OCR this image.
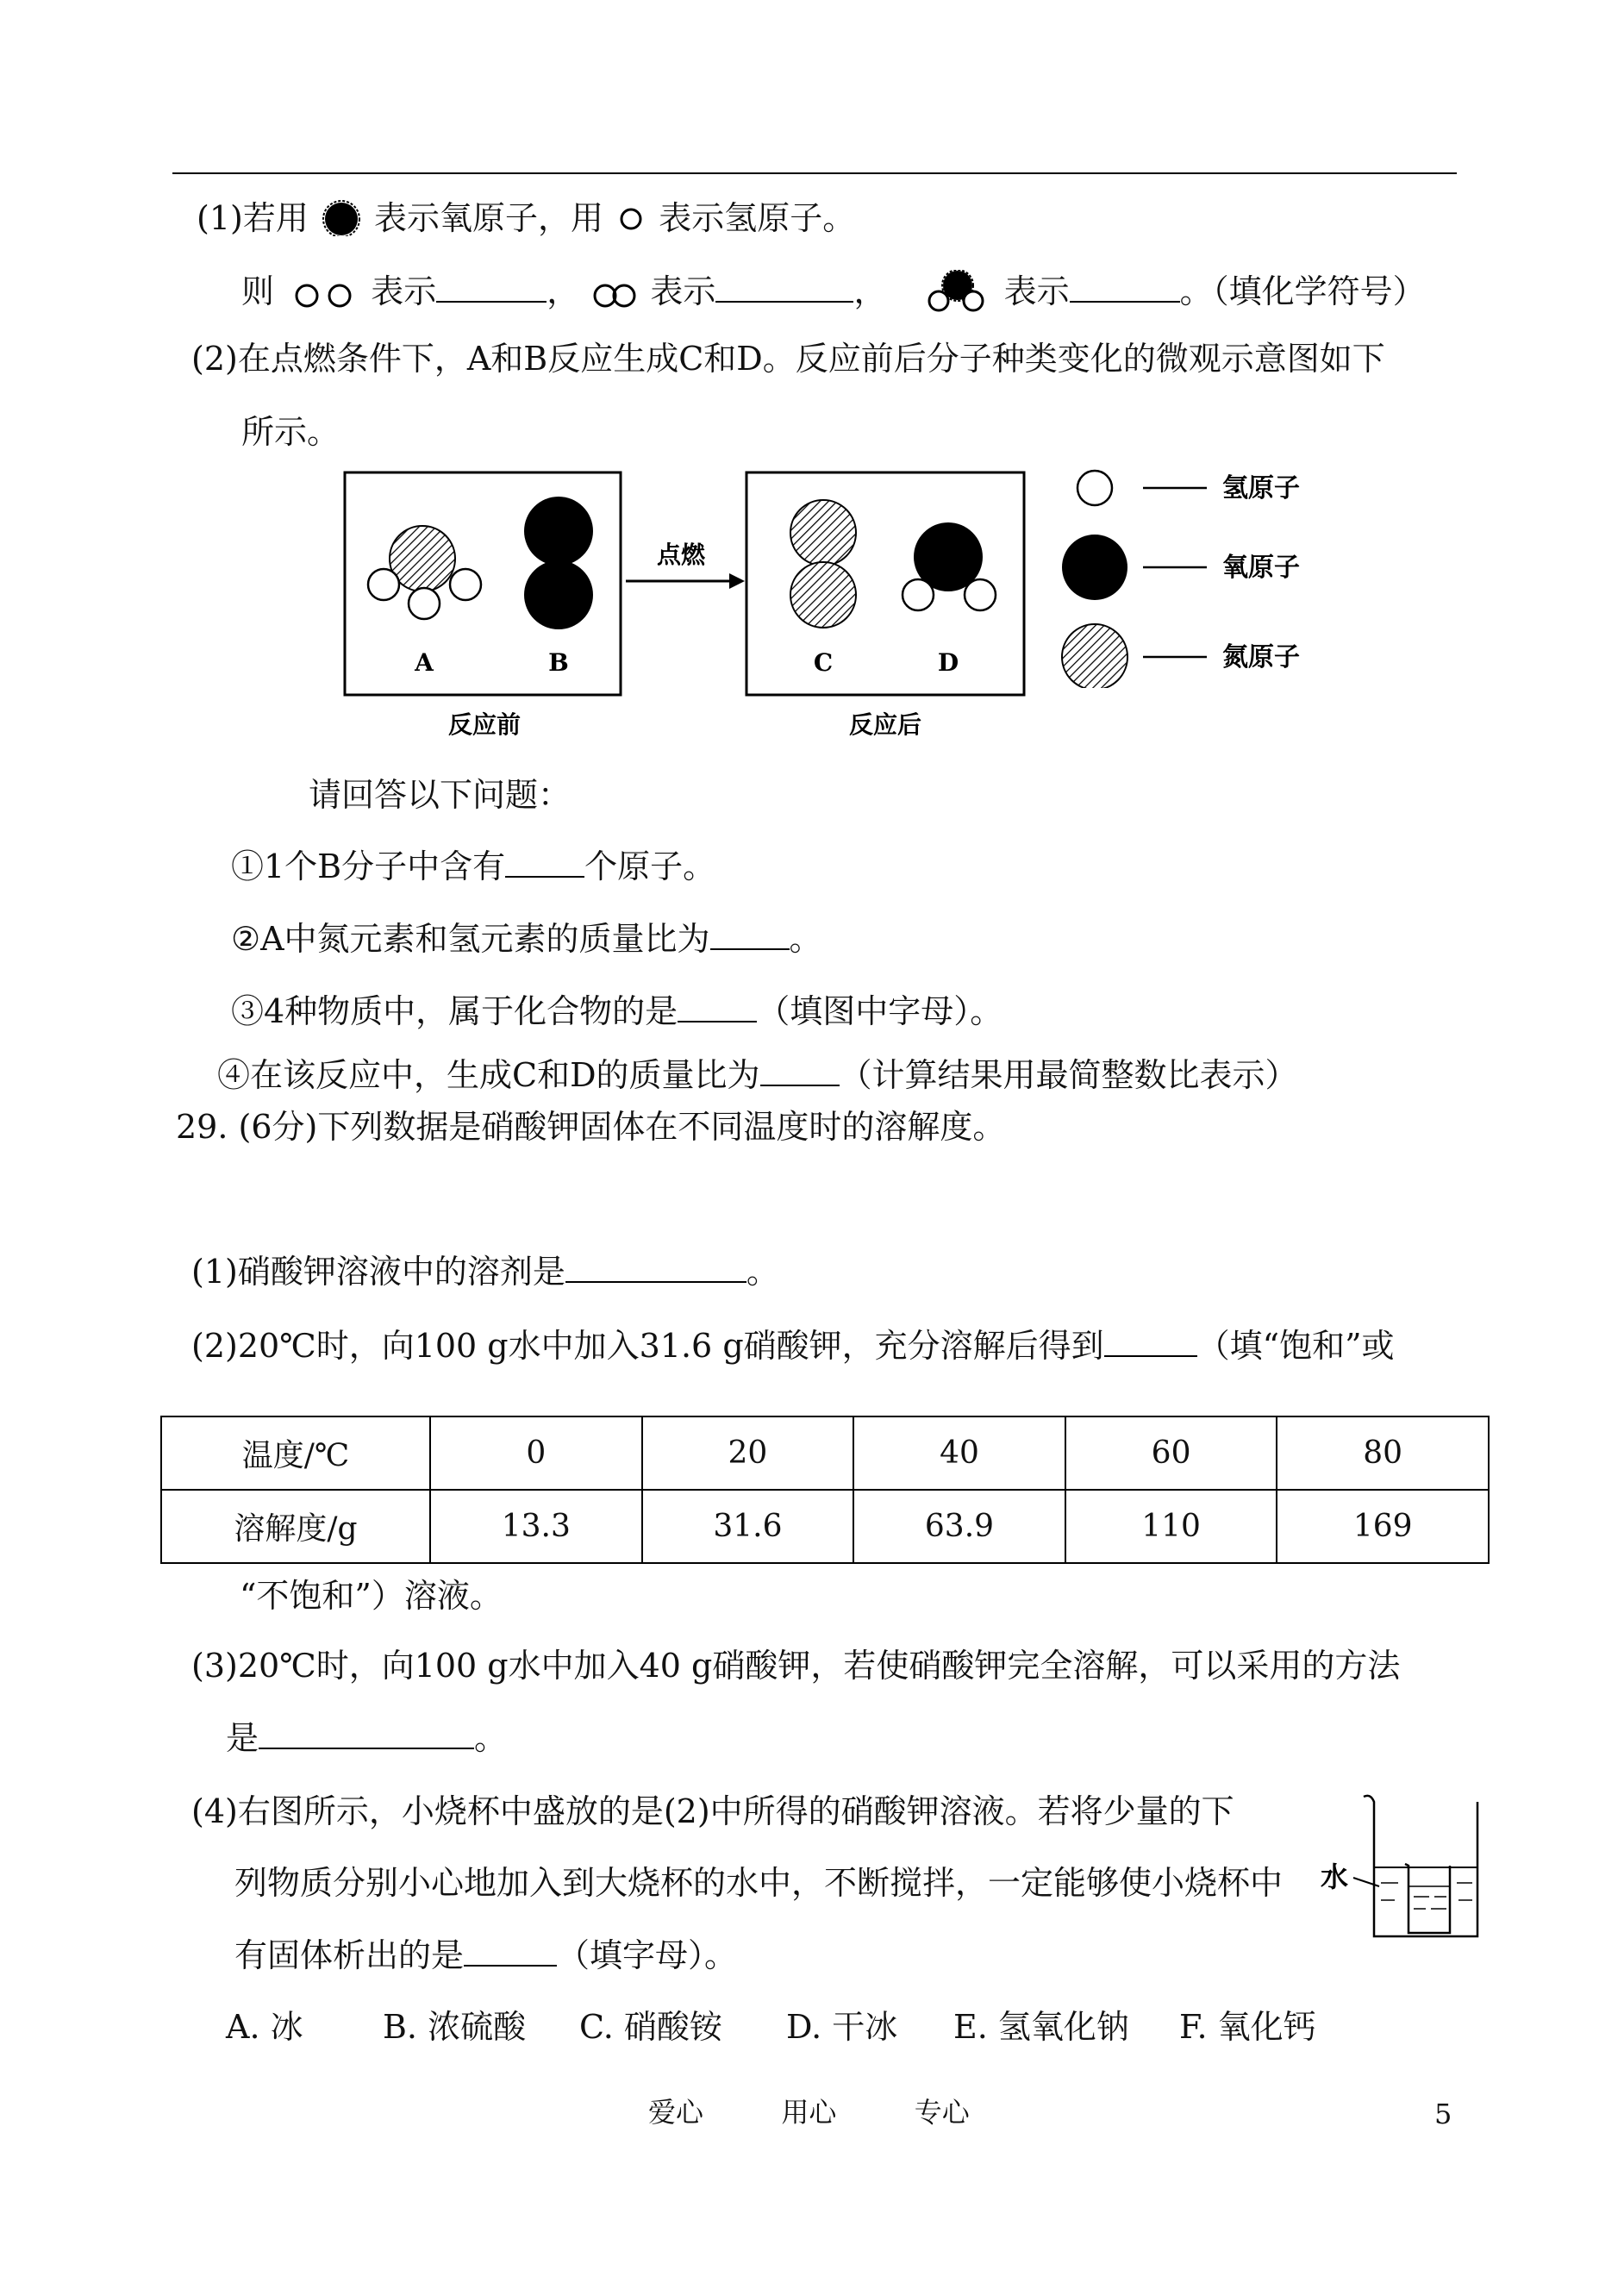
(1)若用 表示氧原子，用 表示氢原子。
则	表示	， 表示	，	表示	。（填化学符号）
(2)在点燃条件下，A和B反应生成C和D。反应前后分子种类变化的微观示意图如下
所示。
A	B
反应前
点燃
C	D
反应后
氢原子
氧原子
氮原子
请回答以下问题：
①1个B分子中含有 个原子。
②A中氮元素和氢元素的质量比为 。
③4种物质中，属于化合物的是 （填图中字母）。
④在该反应中，生成C和D的质量比为 （计算结果用最简整数比表示）
29. (6分)下列数据是硝酸钾固体在不同温度时的溶解度。
(1)硝酸钾溶液中的溶剂是	。
(2)20℃时，向100 g水中加入31.6 g硝酸钾，充分溶解后得到	（填“饱和”或
温度/℃	0	20	40	60	80
溶解度/g	13.3	31.6	63.9	110	169
“不饱和”）溶液。
(3)20℃时，向100 g水中加入40 g硝酸钾，若使硝酸钾完全溶解，可以采用的方法
是	。
(4)右图所示，小烧杯中盛放的是(2)中所得的硝酸钾溶液。若将少量的下
列物质分别小心地加入到大烧杯的水中，不断搅拌，一定能够使小烧杯中
有固体析出的是	（填字母）。
水
A. 冰 B. 浓硫酸 C. 硝酸铵 D. 干冰 E. 氢氧化钠 F. 氧化钙
爱心	用心	专心	5
